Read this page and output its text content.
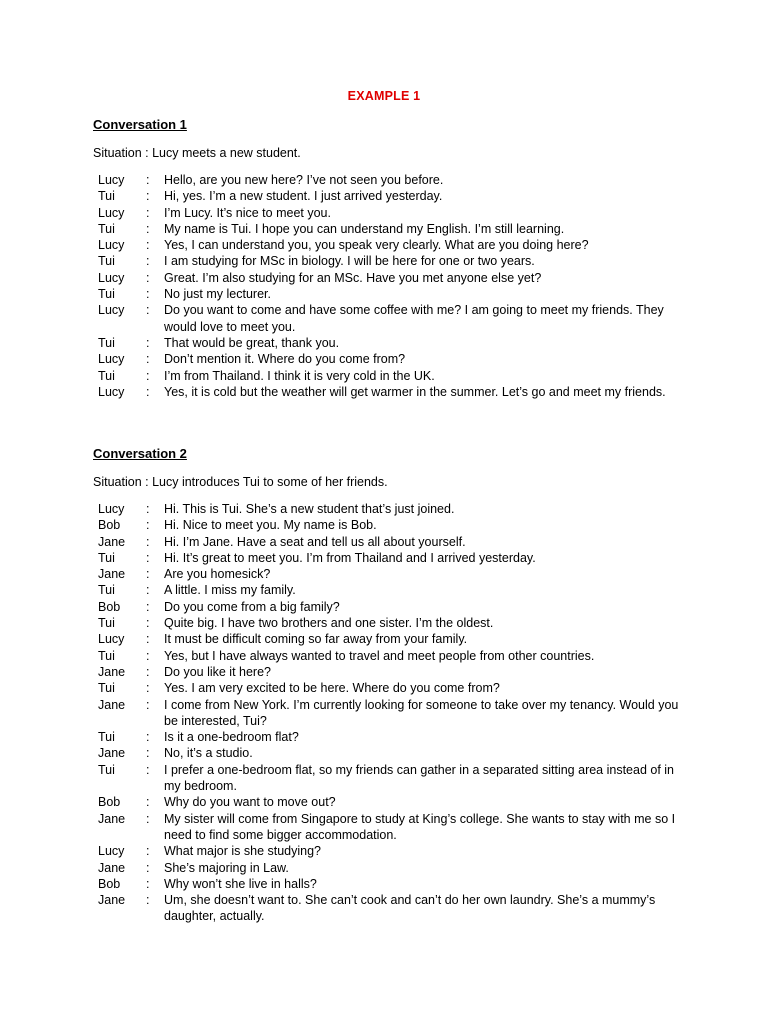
EXAMPLE 1
Conversation 1
Situation : Lucy meets a new student.
Lucy	: Hello, are you new here? I’ve not seen you before.
Tui	: Hi, yes. I’m a new student. I just arrived yesterday.
Lucy	: I’m Lucy. It’s nice to meet you.
Tui	: My name is Tui. I hope you can understand my English. I’m still learning.
Lucy	: Yes, I can understand you, you speak very clearly. What are you doing here?
Tui	: I am studying for MSc in biology. I will be here for one or two years.
Lucy	: Great. I’m also studying for an MSc. Have you met anyone else yet?
Tui	: No just my lecturer.
Lucy	: Do you want to come and have some coffee with me? I am going to meet my friends. They would love to meet you.
Tui	: That would be great, thank you.
Lucy	: Don’t mention it. Where do you come from?
Tui	: I’m from Thailand. I think it is very cold in the UK.
Lucy	: Yes, it is cold but the weather will get warmer in the summer. Let’s go and meet my friends.
Conversation 2
Situation : Lucy introduces Tui to some of her friends.
Lucy	: Hi. This is Tui. She’s a new student that’s just joined.
Bob	: Hi. Nice to meet you. My name is Bob.
Jane	: Hi. I’m Jane. Have a seat and tell us all about yourself.
Tui	: Hi. It’s great to meet you. I’m from Thailand and I arrived yesterday.
Jane	: Are you homesick?
Tui	: A little. I miss my family.
Bob	: Do you come from a big family?
Tui	: Quite big. I have two brothers and one sister. I’m the oldest.
Lucy	: It must be difficult coming so far away from your family.
Tui	: Yes, but I have always wanted to travel and meet people from other countries.
Jane	: Do you like it here?
Tui	: Yes. I am very excited to be here. Where do you come from?
Jane	: I come from New York. I’m currently looking for someone to take over my tenancy. Would you be interested, Tui?
Tui	: Is it a one-bedroom flat?
Jane	: No, it’s a studio.
Tui	: I prefer a one-bedroom flat, so my friends can gather in a separated sitting area instead of in my bedroom.
Bob	: Why do you want to move out?
Jane	: My sister will come from Singapore to study at King’s college. She wants to stay with me so I need to find some bigger accommodation.
Lucy	: What major is she studying?
Jane	: She’s majoring in Law.
Bob	: Why won’t she live in halls?
Jane	: Um, she doesn’t want to. She can’t cook and can’t do her own laundry. She’s a mummy’s daughter, actually.
